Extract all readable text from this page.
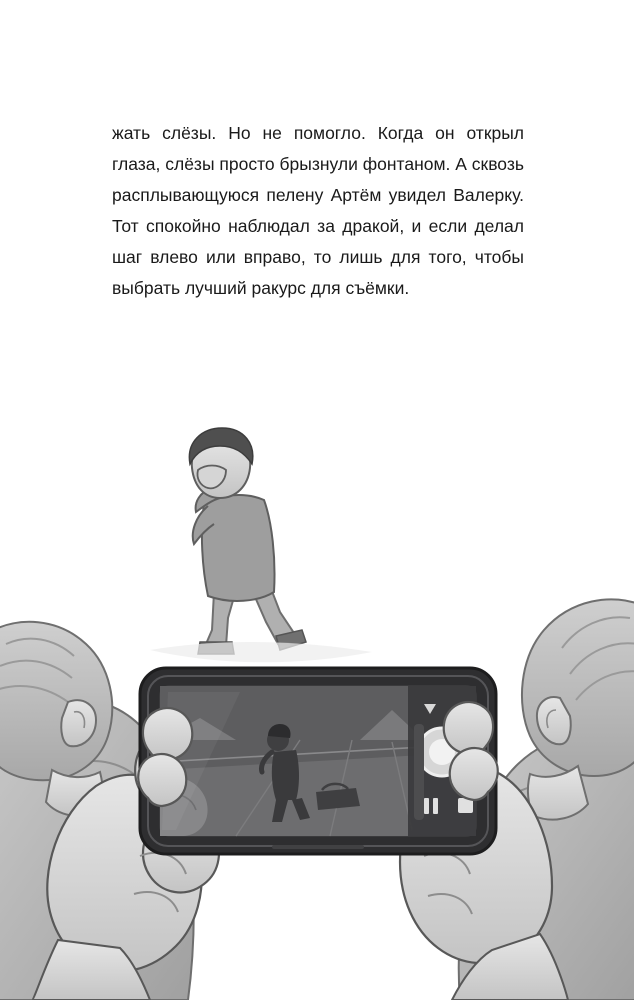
жать слёзы. Но не помогло. Когда он открыл глаза, слёзы просто брызнули фонтаном. А сквозь расплывающуюся пелену Артём увидел Валерку. Тот спокойно наблюдал за дракой, и если делал шаг влево или вправо, то лишь для того, чтобы выбрать лучший ракурс для съёмки.
